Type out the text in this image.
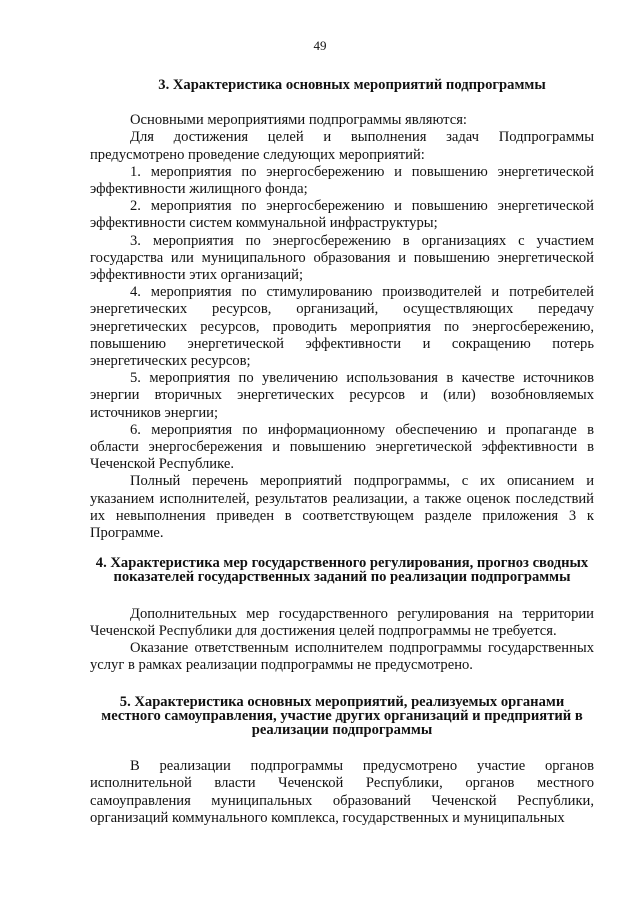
49
3. Характеристика основных мероприятий подпрограммы

Основными мероприятиями подпрограммы являются:

Для достижения целей и выполнения задач Подпрограммы предусмотрено проведение следующих мероприятий:

1. мероприятия по энергосбережению и повышению энергетической эффективности жилищного фонда;

2. мероприятия по энергосбережению и повышению энергетической эффективности систем коммунальной инфраструктуры;

3. мероприятия по энергосбережению в организациях с участием государства или муниципального образования и повышению энергетической эффективности этих организаций;

4. мероприятия по стимулированию производителей и потребителей энергетических ресурсов, организаций, осуществляющих передачу энергетических ресурсов, проводить мероприятия по энергосбережению, повышению энергетической эффективности и сокращению потерь энергетических ресурсов;

5. мероприятия по увеличению использования в качестве источников энергии вторичных энергетических ресурсов и (или) возобновляемых источников энергии;

6. мероприятия по информационному обеспечению и пропаганде в области энергосбережения и повышению энергетической эффективности в Чеченской Республике.

Полный перечень мероприятий подпрограммы, с их описанием и указанием исполнителей, результатов реализации, а также оценок последствий их невыполнения приведен в соответствующем разделе приложения 3 к Программе.

4. Характеристика мер государственного регулирования, прогноз сводных показателей государственных заданий по реализации подпрограммы

Дополнительных мер государственного регулирования на территории Чеченской Республики для достижения целей подпрограммы не требуется.

Оказание ответственным исполнителем подпрограммы государственных услуг в рамках реализации подпрограммы не предусмотрено.

5. Характеристика основных мероприятий, реализуемых органами местного самоуправления, участие других организаций и предприятий в реализации подпрограммы

В реализации подпрограммы предусмотрено участие органов исполнительной власти Чеченской Республики, органов местного самоуправления муниципальных образований Чеченской Республики, организаций коммунального комплекса, государственных и муниципальных
